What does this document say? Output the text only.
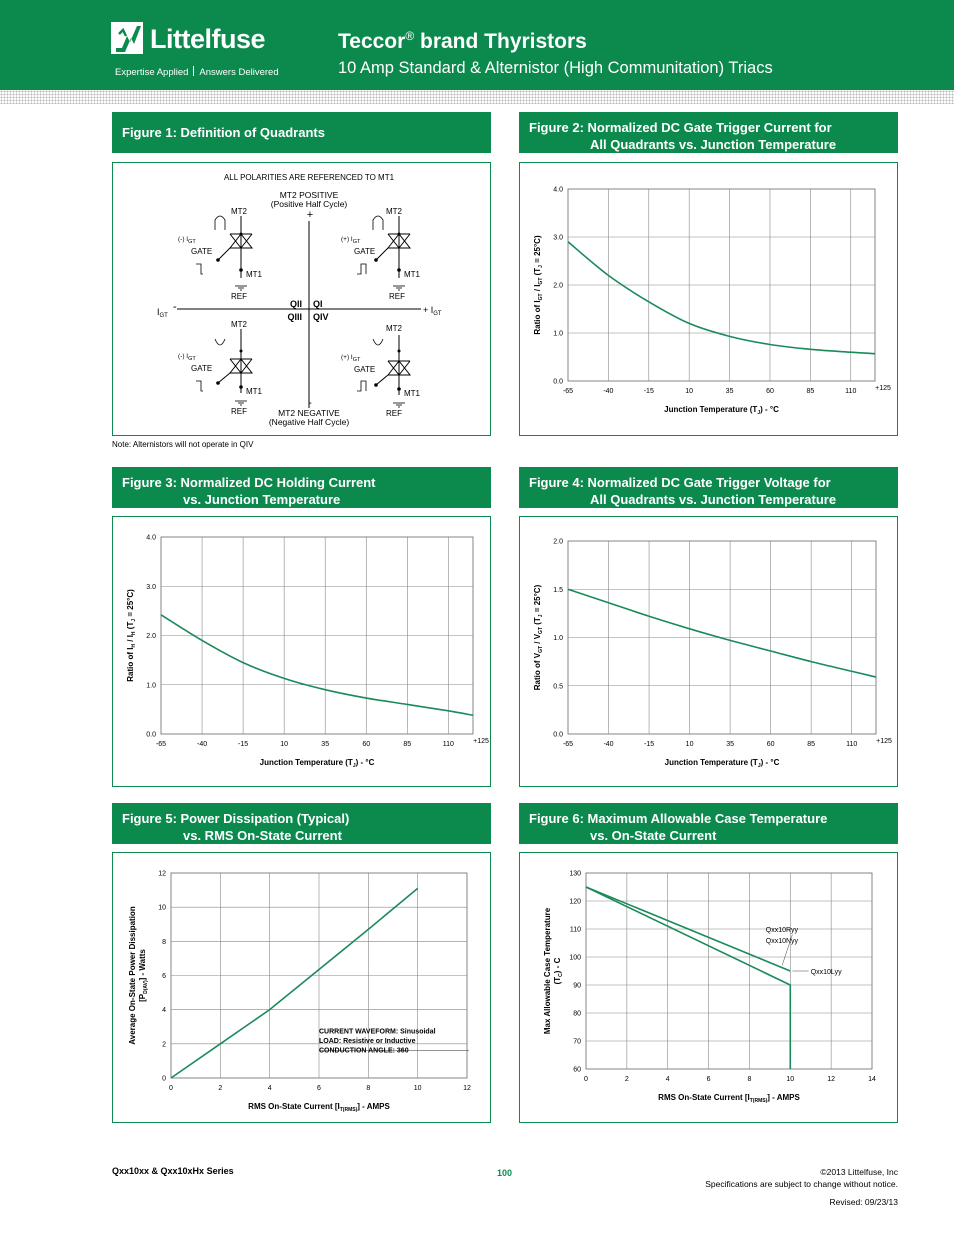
Littelfuse
Expertise Applied Answers Delivered
Teccor® brand Thyristors
10 Amp Standard & Alternistor (High Communitation) Triacs
Figure 1: Definition of Quadrants	Figure 2: Normalized DC Gate Trigger Current for
All Quadrants vs. Junction Temperature
Figure 3: Normalized DC Holding Current
vs. Junction Temperature
Figure 4: Normalized DC Gate Trigger Voltage for
All Quadrants vs. Junction Temperature
Figure 5: Power Dissipation (Typical)
vs. RMS On-State Current
Figure 6: Maximum Allowable Case Temperature
vs. On-State Current
ALL POLARITIES ARE REFERENCED TO MT1
MT2 POSITIVE
(Positive Half Cycle)
+
-
MT2 NEGATIVE
(Negative Half Cycle)
QII QI
QIII QIV
$I_{GT}$
-	+ $I_{GT}$
MT2
(-) $I_{GT}$
GATE
MT1
REF
MT2
(+) $I_{GT}$
GATE
MT1
REF
MT2
(-) $I_{GT}$
GATE
MT1
REF
MT2
(+) $I_{GT}$
GATE
MT1
REF
Note: Alternistors will not operate in QIV
-65	-40	-15	10	35	60	85	110	+125
0.0
1.0
2.0
3.0
4.0
Junction Temperature $(T_J) - ^\circ C$
Ratio of $I_{GT} / I_{GT}$ $(T_J = 25^\circ C)$
-65	-40	-15	10	35	60	85	110	+125
0.0
1.0
2.0
3.0
4.0
Junction Temperature $(T_J) - ^\circ C$
Ratio of $I_H / I_H$ $(T_J = 25^\circ C)$
-65	-40	-15	10	35	60	85	110	+125
0.0
0.5
1.0
1.5
2.0
Junction Temperature $(T_J) - ^\circ C$
Ratio of $V_{GT} / V_{GT}$ $(T_J = 25^\circ C)$
0	2	4	6	8	10	12
0
2
4
6
8
10
12
RMS On-State Current $[I_{T(RMS)}]$ - AMPS
Average On-State Power Dissipation $[P_{D(AV)}]$ - Watts
CURRENT WAVEFORM: Sinusoidal
LOAD: Resistive or Inductive
CONDUCTION ANGLE: 360
0	2	4	6	8	10	12	14
60
70
80
90
100
110
120
130
RMS On-State Current $[I_{T(RMS)}]$ - AMPS
Max Allowable Case Temperature $(T_C)$ - C
Qxx10Ryy
Qxx10Nyy
Qxx10Lyy
Qxx10xx & Qxx10xHx Series	100	©2013 Littelfuse, Inc
Specifications are subject to change without notice.
Revised: 09/23/13
